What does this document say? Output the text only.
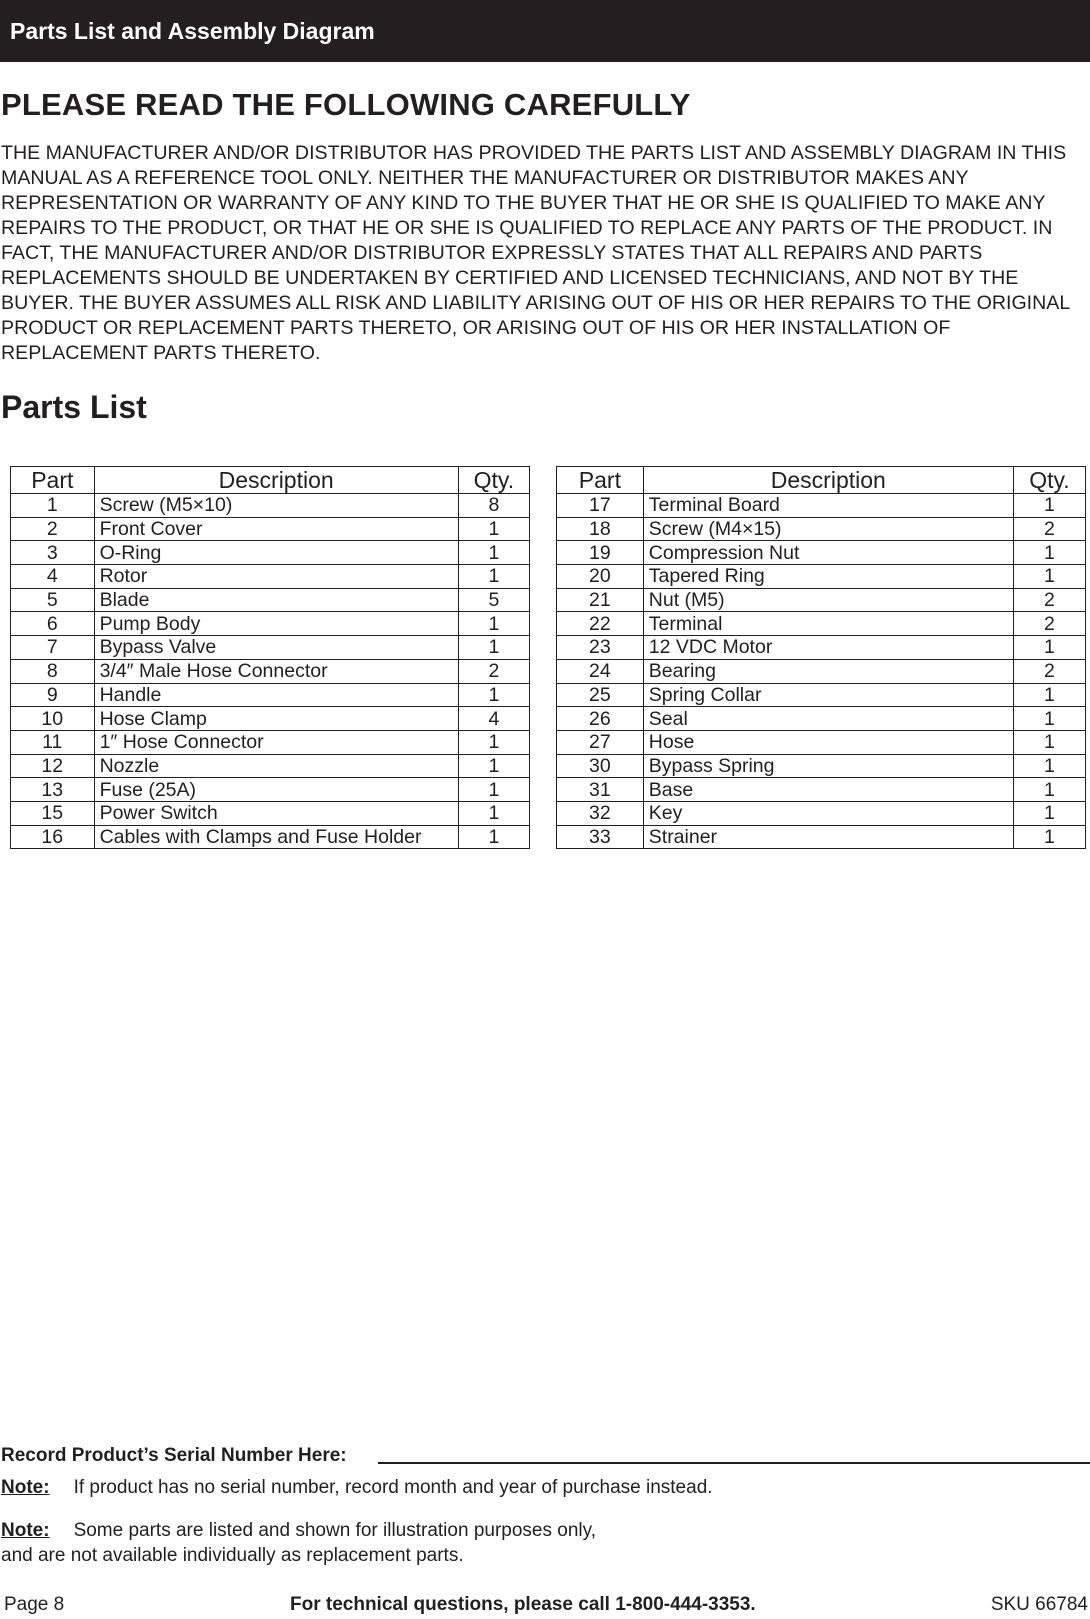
Parts List and Assembly Diagram
PLEASE READ THE FOLLOWING CAREFULLY

THE MANUFACTURER AND/OR DISTRIBUTOR HAS PROVIDED THE PARTS LIST AND ASSEMBLY DIAGRAM IN THIS MANUAL AS A REFERENCE TOOL ONLY. NEITHER THE MANUFACTURER OR DISTRIBUTOR MAKES ANY REPRESENTATION OR WARRANTY OF ANY KIND TO THE BUYER THAT HE OR SHE IS QUALIFIED TO MAKE ANY REPAIRS TO THE PRODUCT, OR THAT HE OR SHE IS QUALIFIED TO REPLACE ANY PARTS OF THE PRODUCT. IN FACT, THE MANUFACTURER AND/OR DISTRIBUTOR EXPRESSLY STATES THAT ALL REPAIRS AND PARTS REPLACEMENTS SHOULD BE UNDERTAKEN BY CERTIFIED AND LICENSED TECHNICIANS, AND NOT BY THE BUYER. THE BUYER ASSUMES ALL RISK AND LIABILITY ARISING OUT OF HIS OR HER REPAIRS TO THE ORIGINAL PRODUCT OR REPLACEMENT PARTS THERETO, OR ARISING OUT OF HIS OR HER INSTALLATION OF REPLACEMENT PARTS THERETO.

Parts List
Part	Description	Qty.
1	Screw (M5×10)	8
2	Front Cover	1
3	O-Ring	1
4	Rotor	1
5	Blade	5
6	Pump Body	1
7	Bypass Valve	1
8	3/4″ Male Hose Connector	2
9	Handle	1
10	Hose Clamp	4
11	1″ Hose Connector	1
12	Nozzle	1
13	Fuse (25A)	1
15	Power Switch	1
16	Cables with Clamps and Fuse Holder	1
Part	Description	Qty.
17	Terminal Board	1
18	Screw (M4×15)	2
19	Compression Nut	1
20	Tapered Ring	1
21	Nut (M5)	2
22	Terminal	2
23	12 VDC Motor	1
24	Bearing	2
25	Spring Collar	1
26	Seal	1
27	Hose	1
30	Bypass Spring	1
31	Base	1
32	Key	1
33	Strainer	1
Record Product’s Serial Number Here:
Note: If product has no serial number, record month and year of purchase instead.
Note: Some parts are listed and shown for illustration purposes only,
and are not available individually as replacement parts.
Page 8	For technical questions, please call 1-800-444-3353.	SKU 66784
